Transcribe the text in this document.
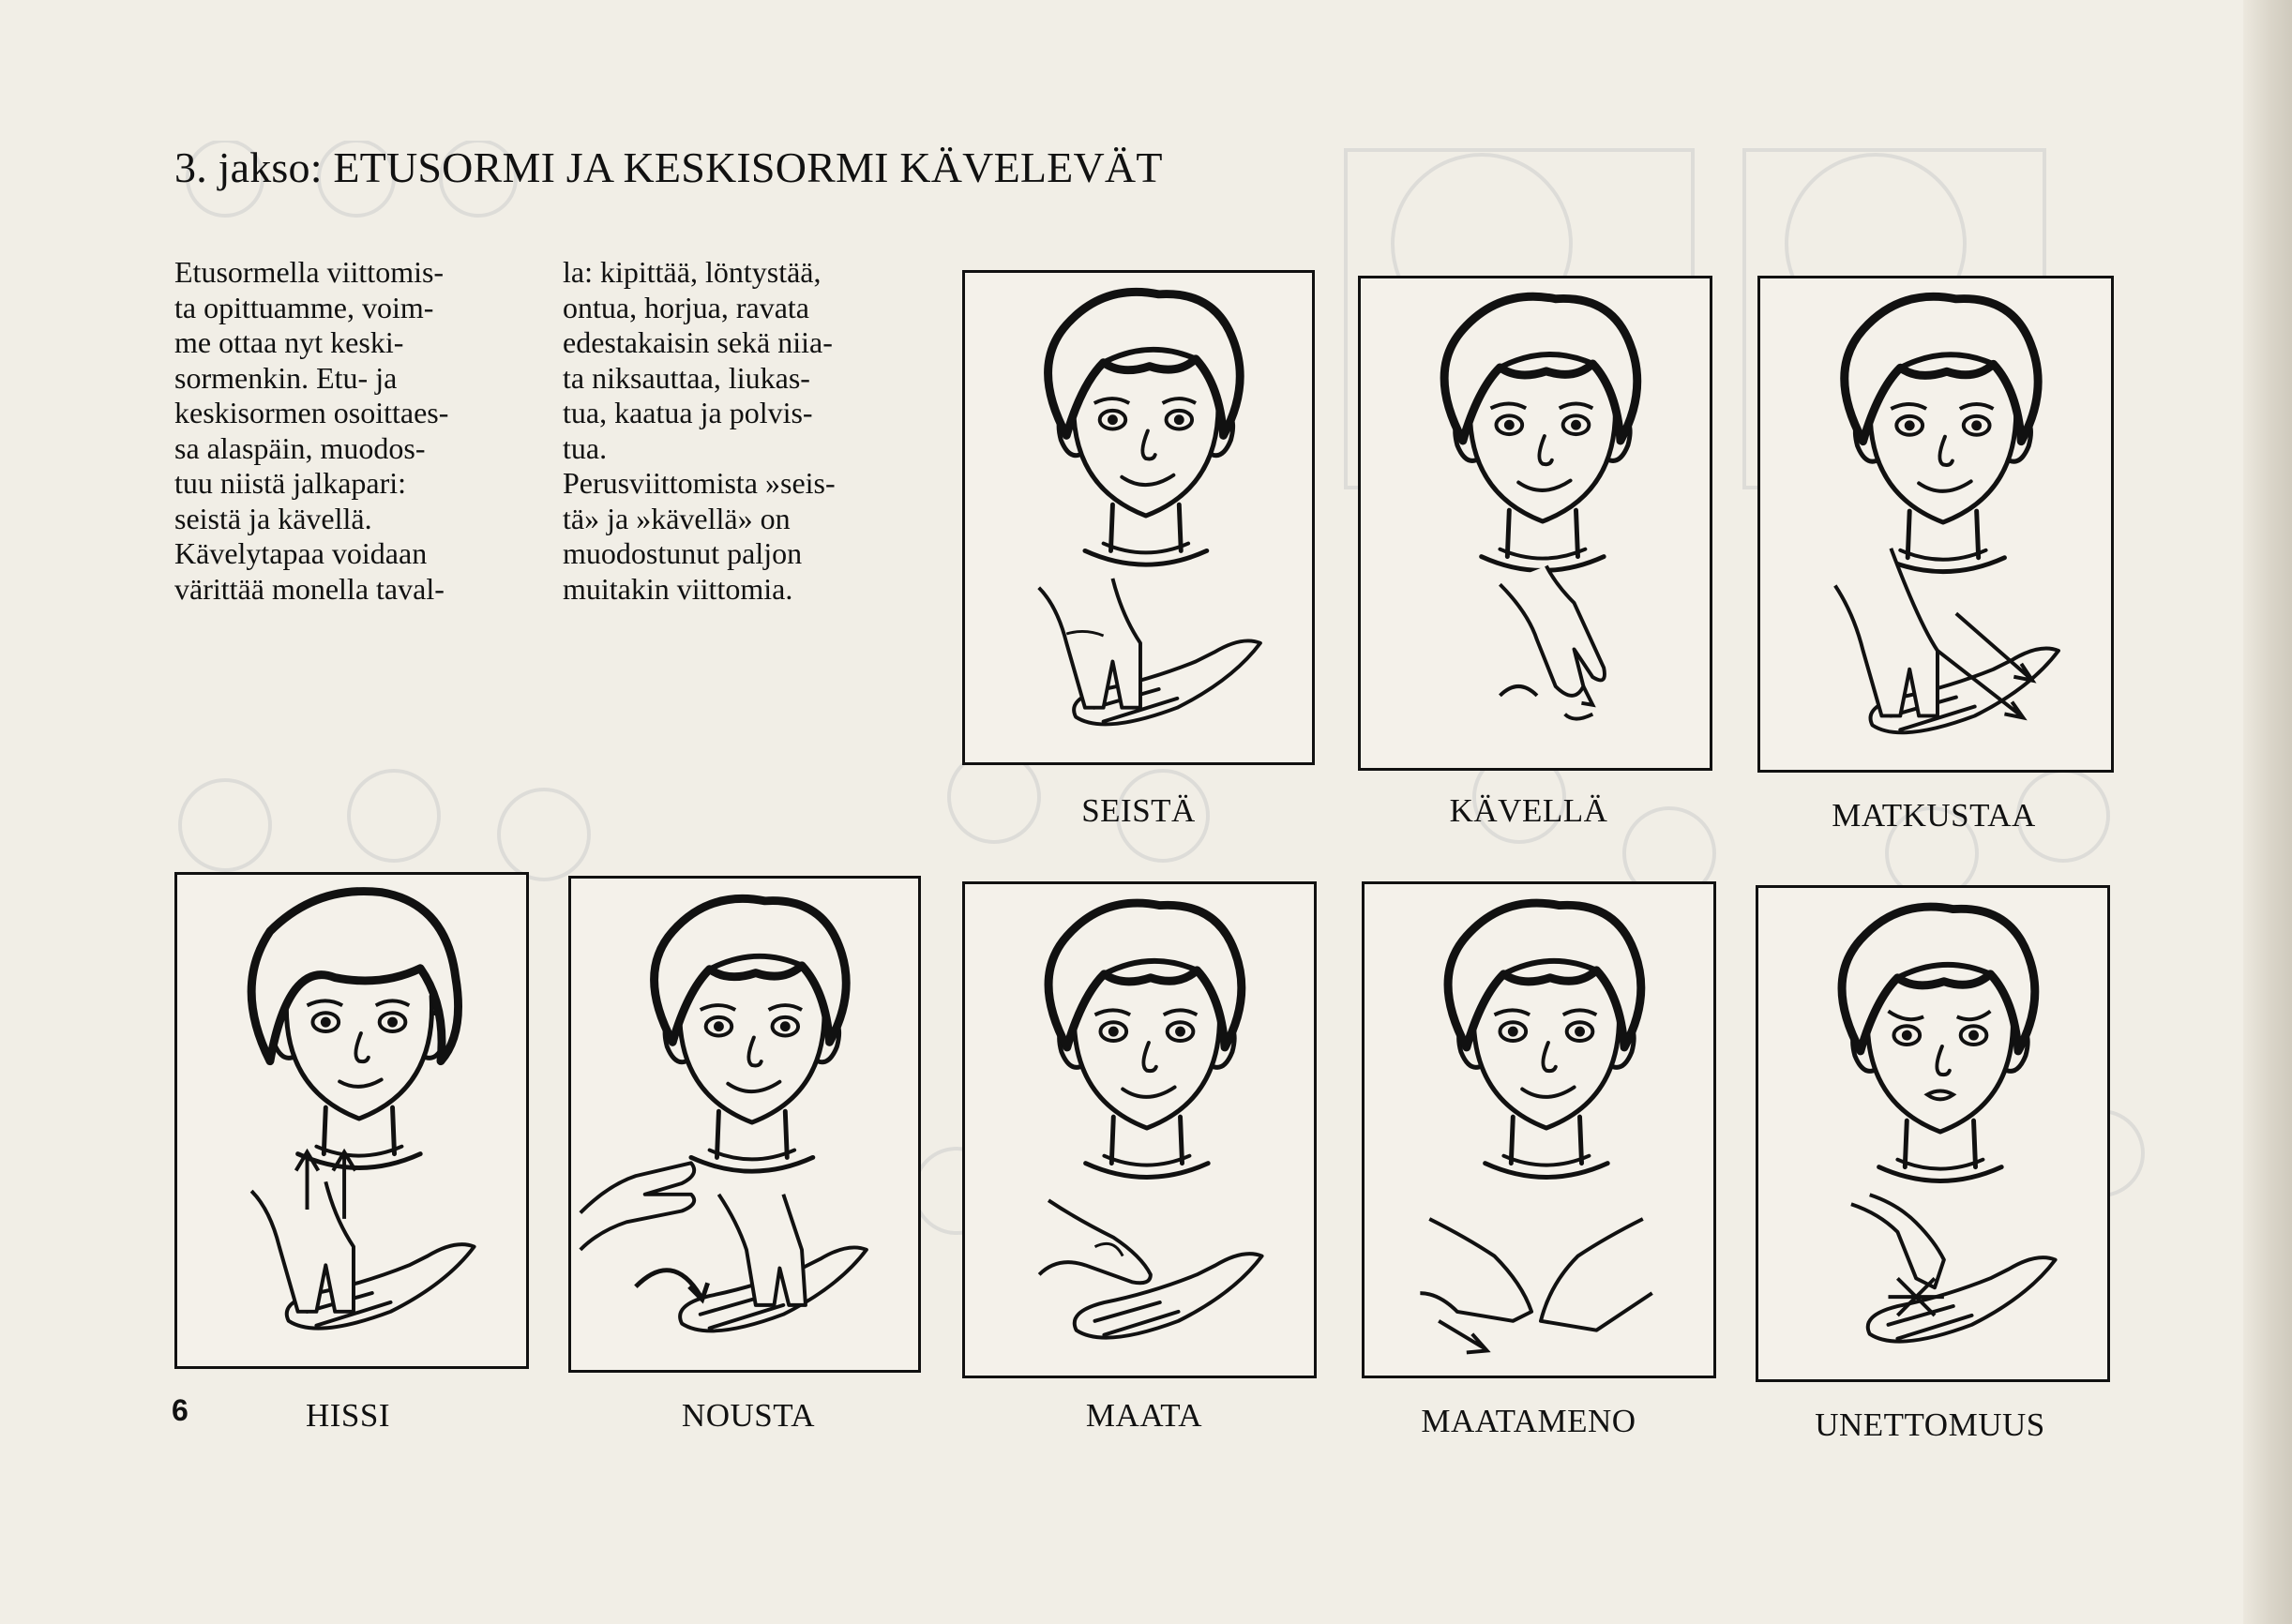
3. jakso: ETUSORMI JA KESKISORMI KÄVELEVÄT

Etusormella viittomis-

ta opittuamme, voim-

me ottaa nyt keski-

sormenkin. Etu- ja

keskisormen osoittaes-

sa alaspäin, muodos-

tuu niistä jalkapari:

seistä ja kävellä.

Kävelytapaa voidaan

värittää monella taval-

la: kipittää, löntystää,

ontua, horjua, ravata

edestakaisin sekä niia-

ta niksauttaa, liukas-

tua, kaatua ja polvis-

tua.

Perusviittomista »seis-

tä» ja »kävellä» on

muodostunut paljon

muitakin viittomia.

SEISTÄ	KÄVELLÄ	MATKUSTAA
6	HISSI	NOUSTA	MAATA	MAATAMENO	UNETTOMUUS
